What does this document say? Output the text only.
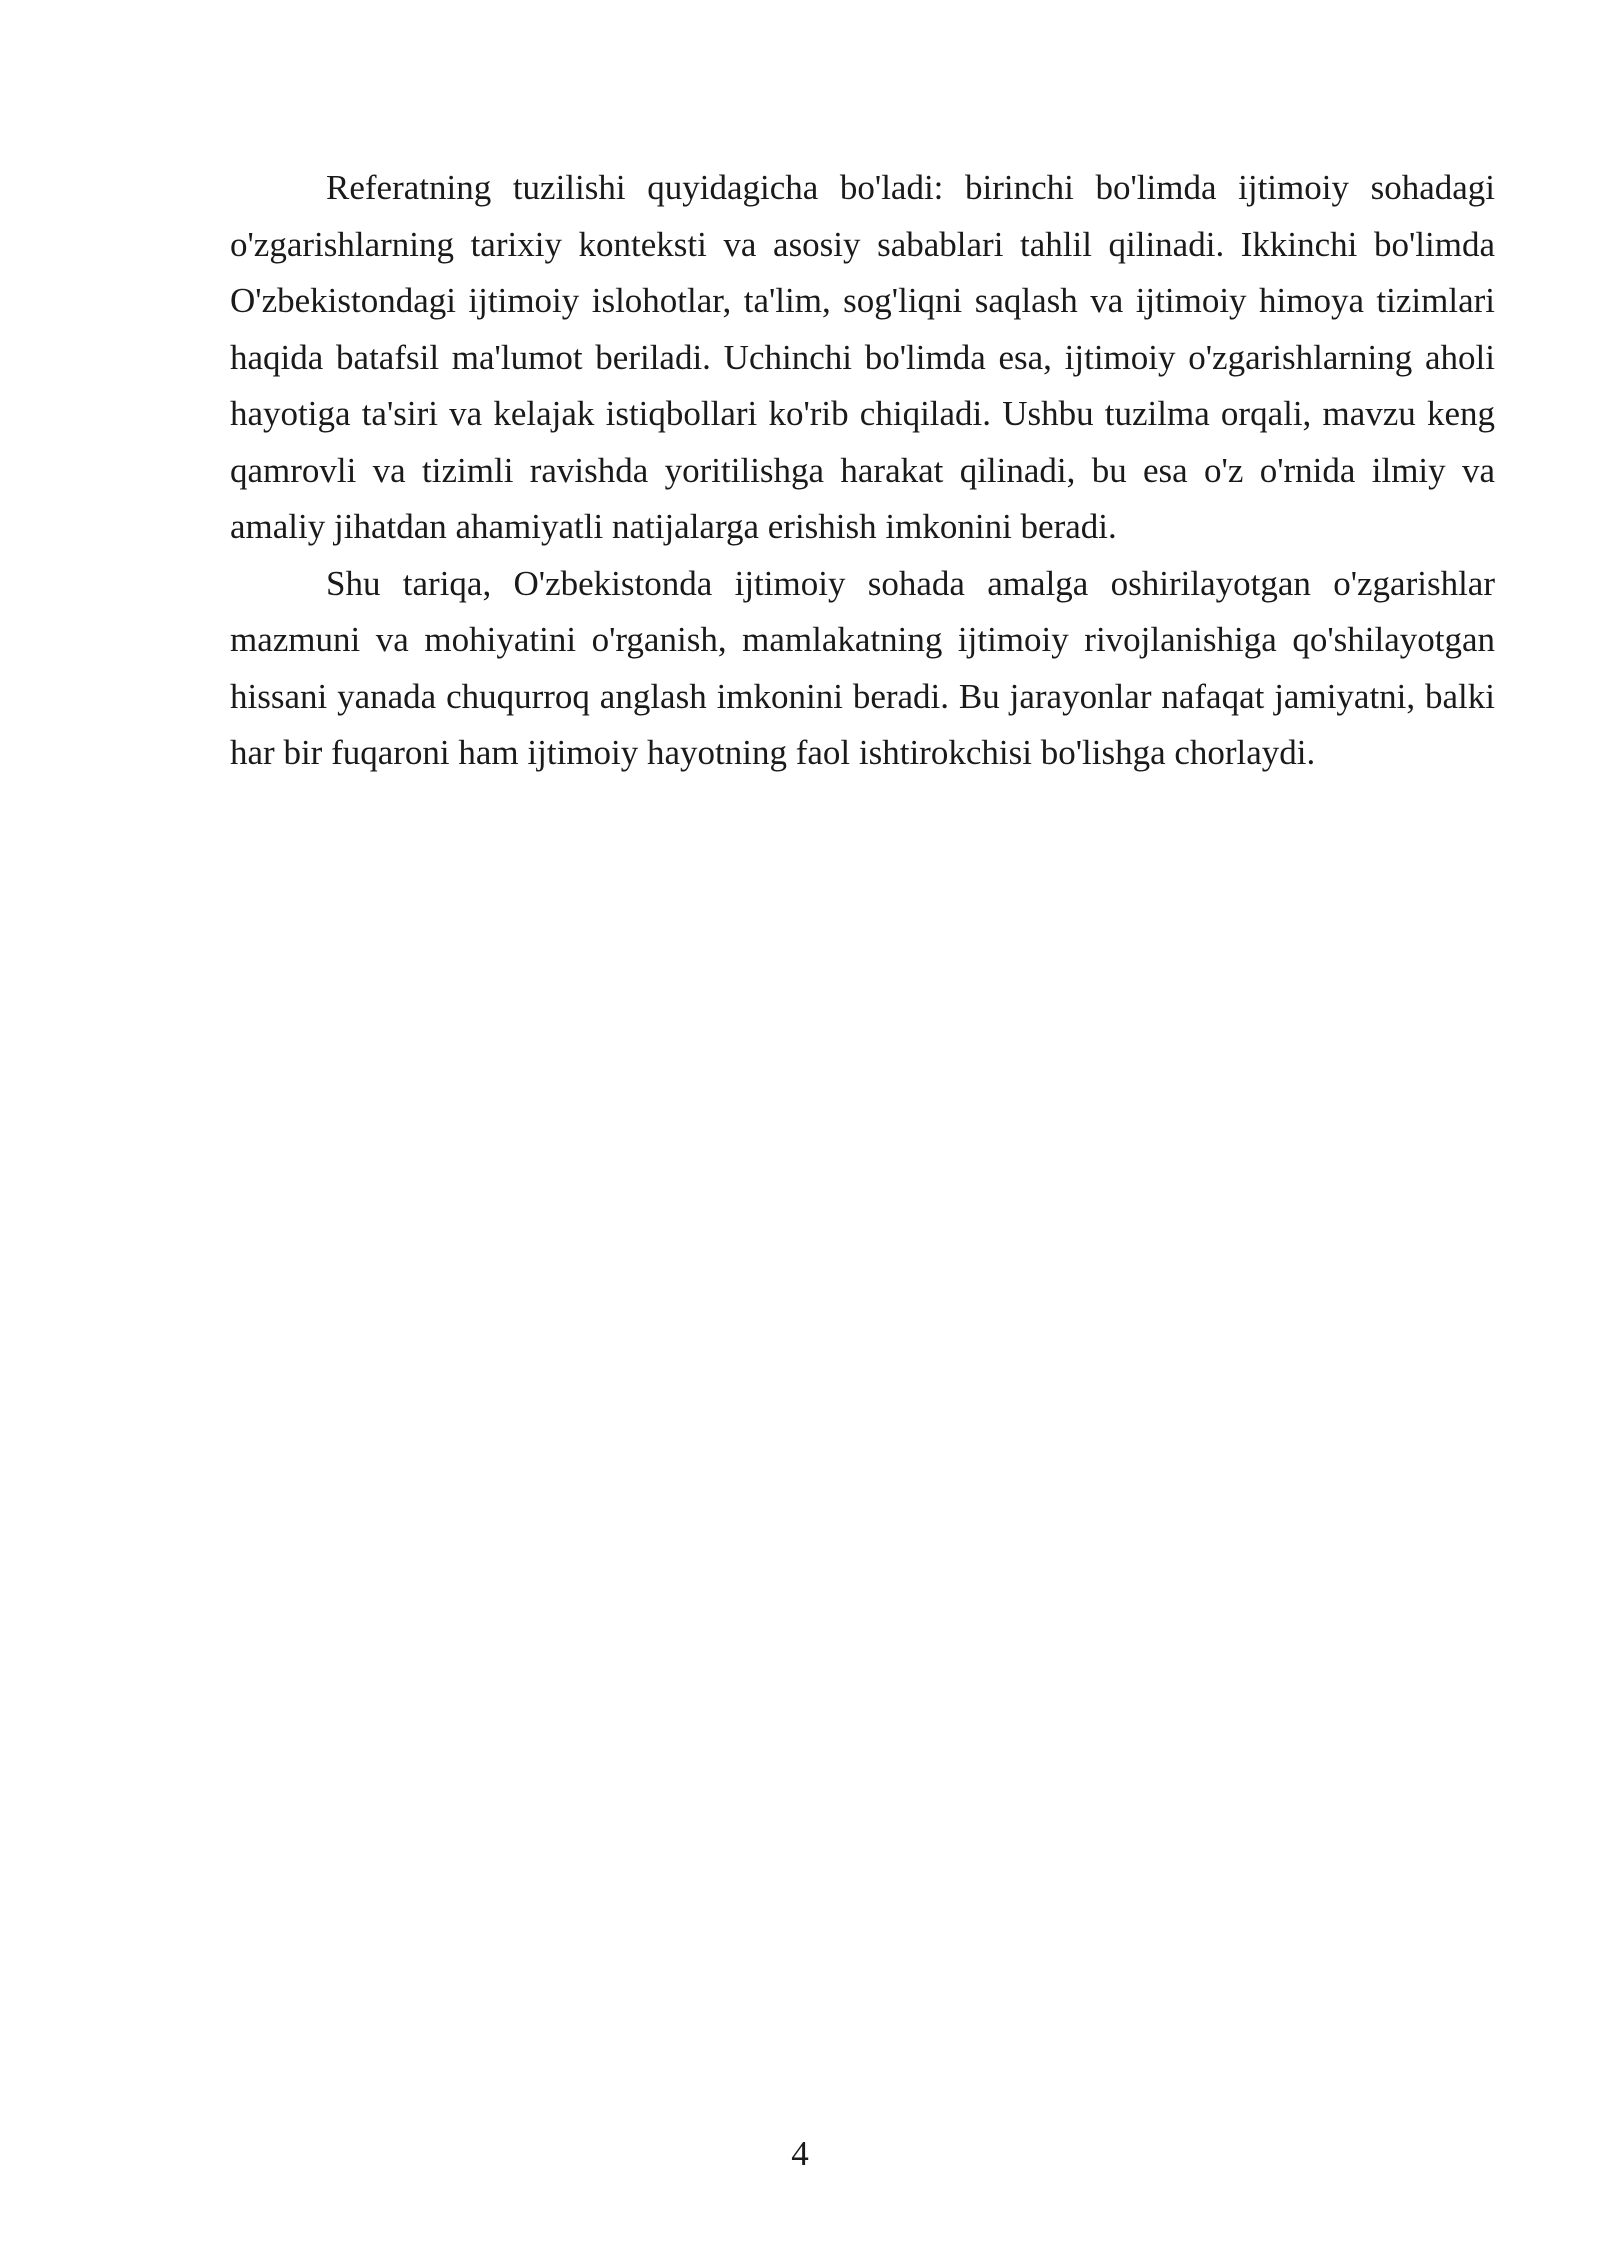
Referatning tuzilishi quyidagicha bo'ladi: birinchi bo'limda ijtimoiy sohadagi o'zgarishlarning tarixiy konteksti va asosiy sabablari tahlil qilinadi. Ikkinchi bo'limda O'zbekistondagi ijtimoiy islohotlar, ta'lim, sog'liqni saqlash va ijtimoiy himoya tizimlari haqida batafsil ma'lumot beriladi. Uchinchi bo'limda esa, ijtimoiy o'zgarishlarning aholi hayotiga ta'siri va kelajak istiqbollari ko'rib chiqiladi. Ushbu tuzilma orqali, mavzu keng qamrovli va tizimli ravishda yoritilishga harakat qilinadi, bu esa o'z o'rnida ilmiy va amaliy jihatdan ahamiyatli natijalarga erishish imkonini beradi.

Shu tariqa, O'zbekistonda ijtimoiy sohada amalga oshirilayotgan o'zgarishlar mazmuni va mohiyatini o'rganish, mamlakatning ijtimoiy rivojlanishiga qo'shilayotgan hissani yanada chuqurroq anglash imkonini beradi. Bu jarayonlar nafaqat jamiyatni, balki har bir fuqaroni ham ijtimoiy hayotning faol ishtirokchisi bo'lishga chorlaydi.

4
